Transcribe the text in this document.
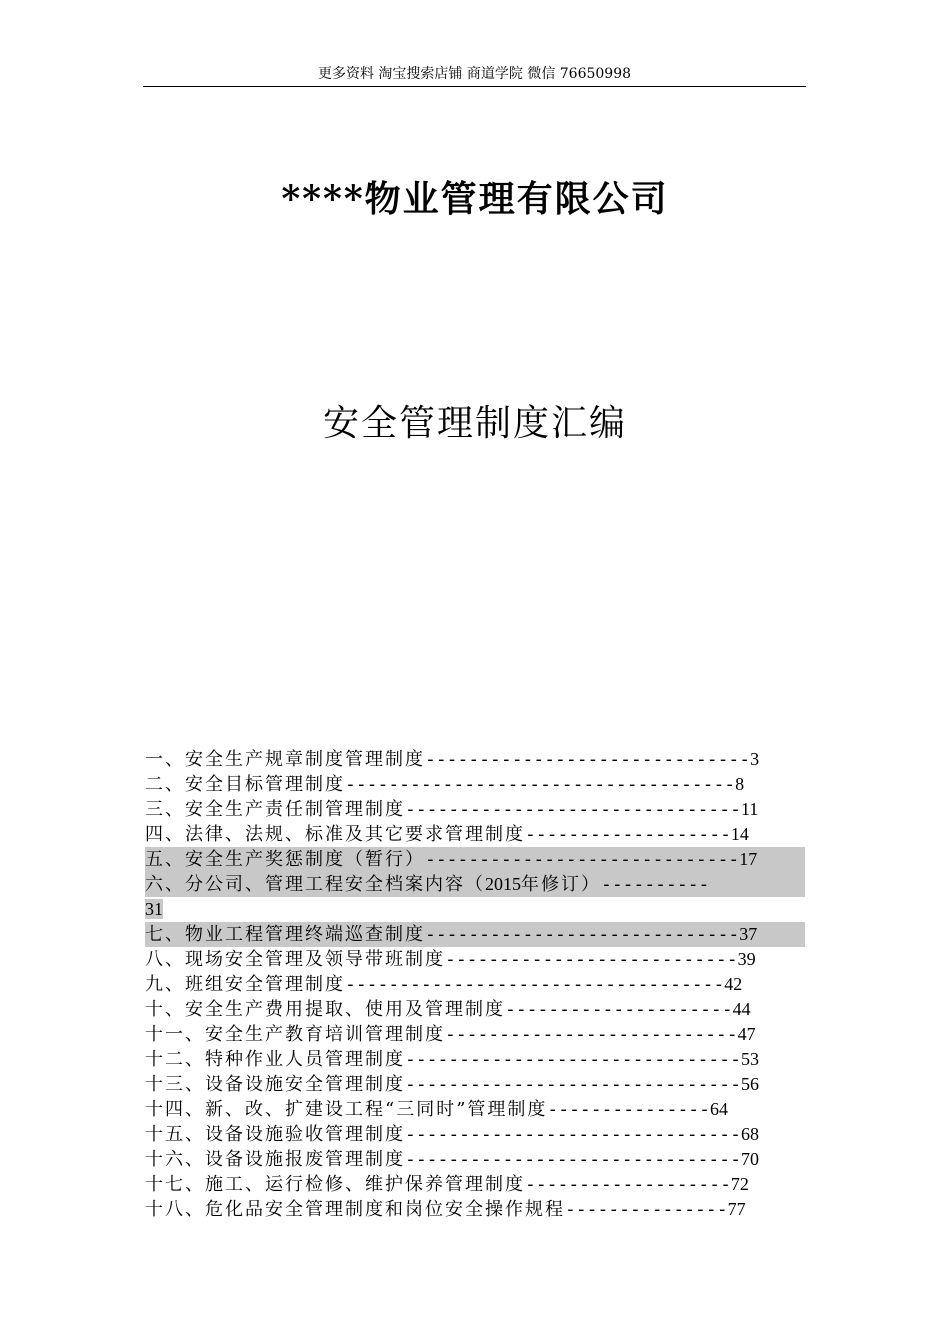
更多资料 淘宝搜索店铺 商道学院 微信 76650998
****物业管理有限公司
安全管理制度汇编
一、安全生产规章制度管理制度------------------------------3
二、安全目标管理制度------------------------------------8
三、安全生产责任制管理制度-------------------------------11
四、法律、法规、标准及其它要求管理制度-------------------14
五、安全生产奖惩制度（暂行）-----------------------------17
六、分公司、管理工程安全档案内容（2015年修订）----------
31
七、物业工程管理终端巡查制度-----------------------------37
八、现场安全管理及领导带班制度---------------------------39
九、班组安全管理制度-----------------------------------42
十、安全生产费用提取、使用及管理制度---------------------44
十一、安全生产教育培训管理制度---------------------------47
十二、特种作业人员管理制度-------------------------------53
十三、设备设施安全管理制度-------------------------------56
十四、新、改、扩建设工程“三同时”管理制度---------------64
十五、设备设施验收管理制度-------------------------------68
十六、设备设施报废管理制度-------------------------------70
十七、施工、运行检修、维护保养管理制度-------------------72
十八、危化品安全管理制度和岗位安全操作规程---------------77
